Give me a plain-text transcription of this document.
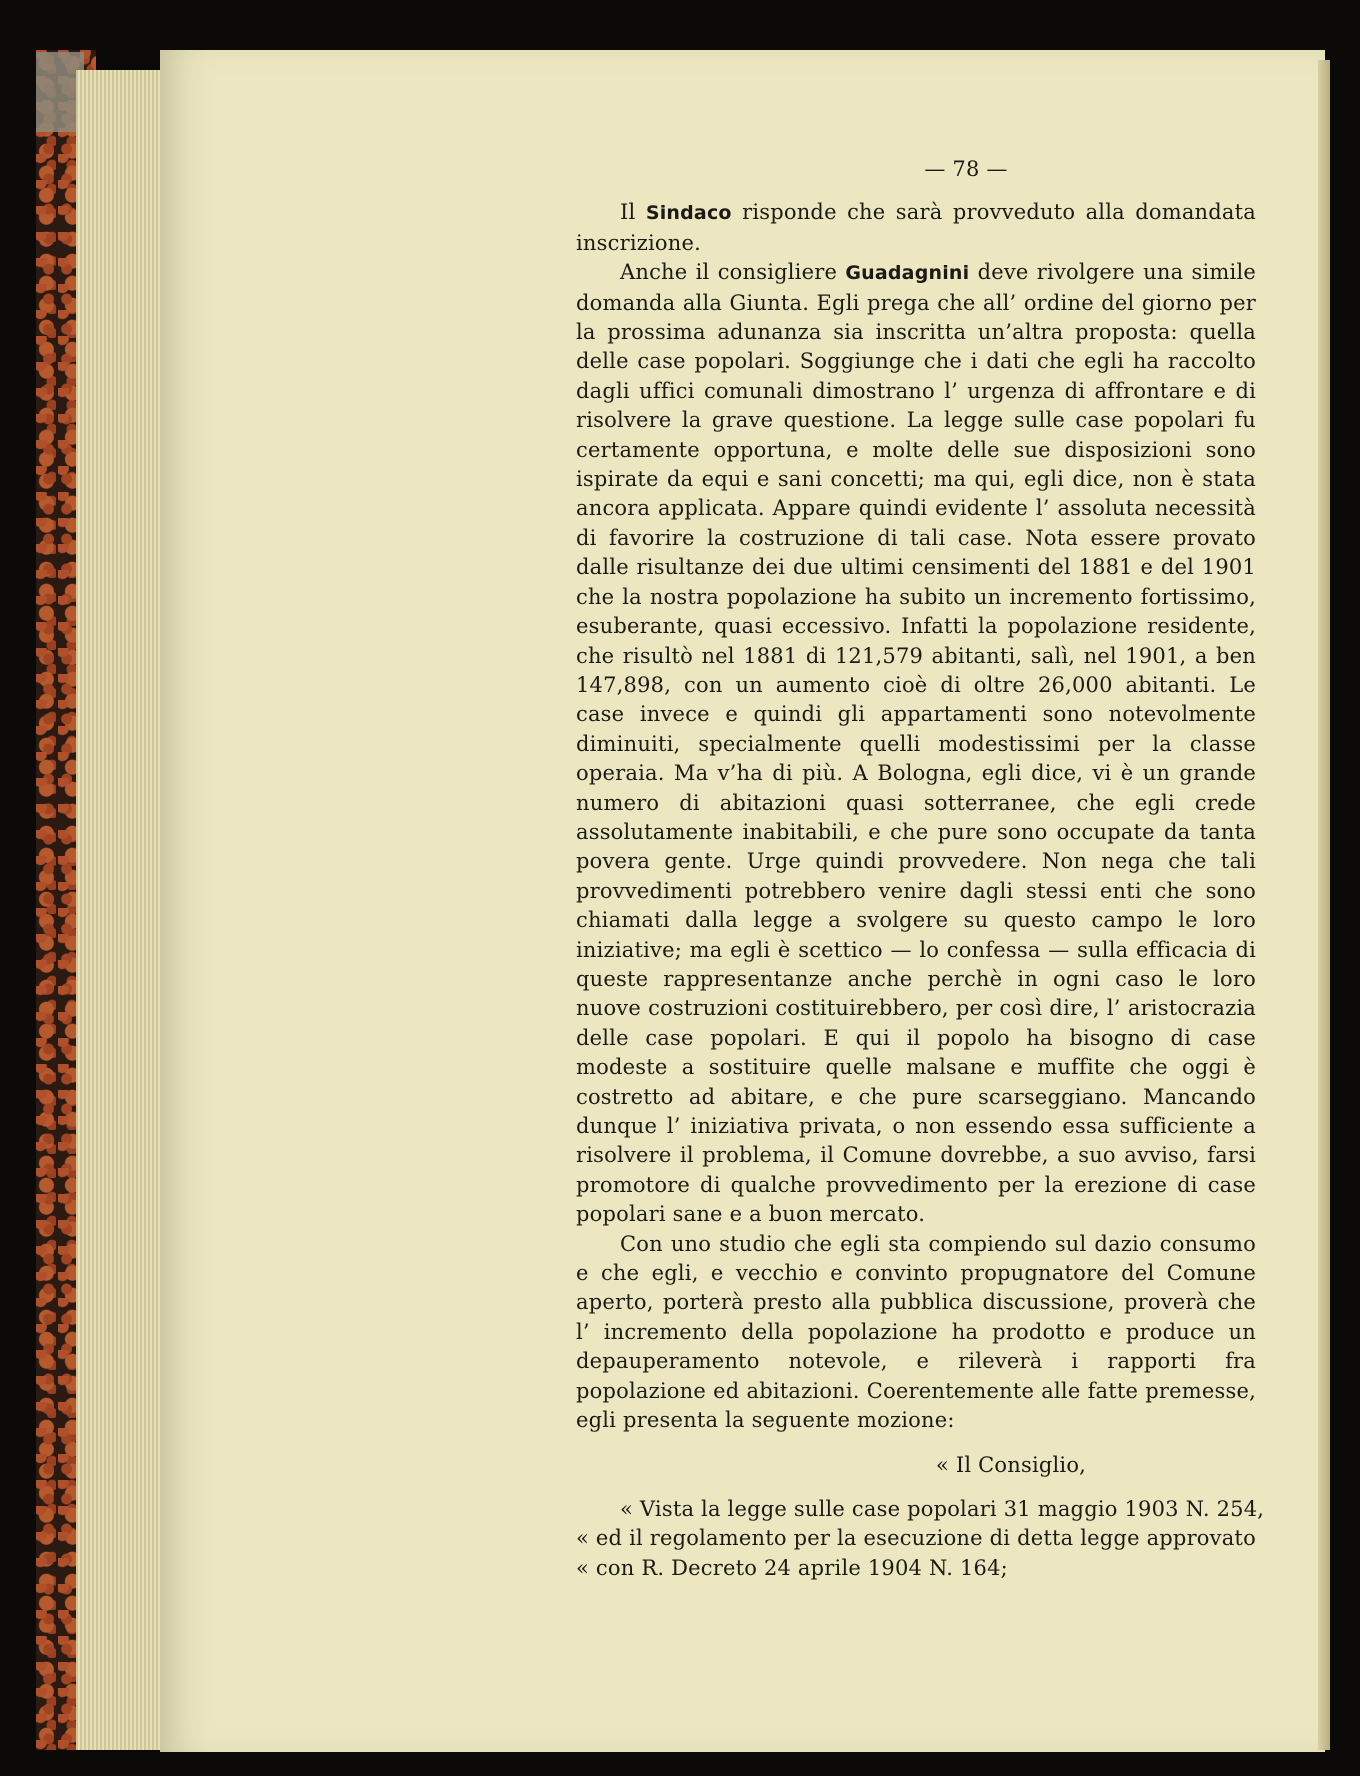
— 78 —

Il Sindaco risponde che sarà provveduto alla domandata inscrizione.

Anche il consigliere Guadagnini deve rivolgere una simile domanda alla Giunta. Egli prega che all’ ordine del giorno per la prossima adunanza sia inscritta un’altra proposta: quella delle case popolari. Soggiunge che i dati che egli ha raccolto dagli uffici comunali dimostrano l’ urgenza di affrontare e di risolvere la grave questione. La legge sulle case popolari fu certamente opportuna, e molte delle sue disposizioni sono ispirate da equi e sani concetti; ma qui, egli dice, non è stata ancora applicata. Appare quindi evidente l’ assoluta necessità di favorire la costruzione di tali case. Nota essere provato dalle risultanze dei due ultimi censimenti del 1881 e del 1901 che la nostra popolazione ha subito un incremento fortissimo, esuberante, quasi eccessivo. Infatti la popolazione residente, che risultò nel 1881 di 121,579 abitanti, salì, nel 1901, a ben 147,898, con un aumento cioè di oltre 26,000 abitanti. Le case invece e quindi gli appartamenti sono notevolmente diminuiti, specialmente quelli modestissimi per la classe operaia. Ma v’ha di più. A Bologna, egli dice, vi è un grande numero di abitazioni quasi sotterranee, che egli crede assolutamente inabitabili, e che pure sono occupate da tanta povera gente. Urge quindi provvedere. Non nega che tali provvedimenti potrebbero venire dagli stessi enti che sono chiamati dalla legge a svolgere su questo campo le loro iniziative; ma egli è scettico — lo confessa — sulla efficacia di queste rappresentanze anche perchè in ogni caso le loro nuove costruzioni costituirebbero, per così dire, l’ aristocrazia delle case popolari. E qui il popolo ha bisogno di case modeste a sostituire quelle malsane e muffite che oggi è costretto ad abitare, e che pure scarseggiano. Mancando dunque l’ iniziativa privata, o non essendo essa sufficiente a risolvere il problema, il Comune dovrebbe, a suo avviso, farsi promotore di qualche provvedimento per la erezione di case popolari sane e a buon mercato.

Con uno studio che egli sta compiendo sul dazio consumo e che egli, e vecchio e convinto propugnatore del Comune aperto, porterà presto alla pubblica discussione, proverà che l’ incremento della popolazione ha prodotto e produce un depauperamento notevole, e rileverà i rapporti fra popolazione ed abitazioni. Coerentemente alle fatte premesse, egli presenta la seguente mozione:

« Il Consiglio,

« Vista la legge sulle case popolari 31 maggio 1903 N. 254,

« ed il regolamento per la esecuzione di detta legge approvato

« con R. Decreto 24 aprile 1904 N. 164;
